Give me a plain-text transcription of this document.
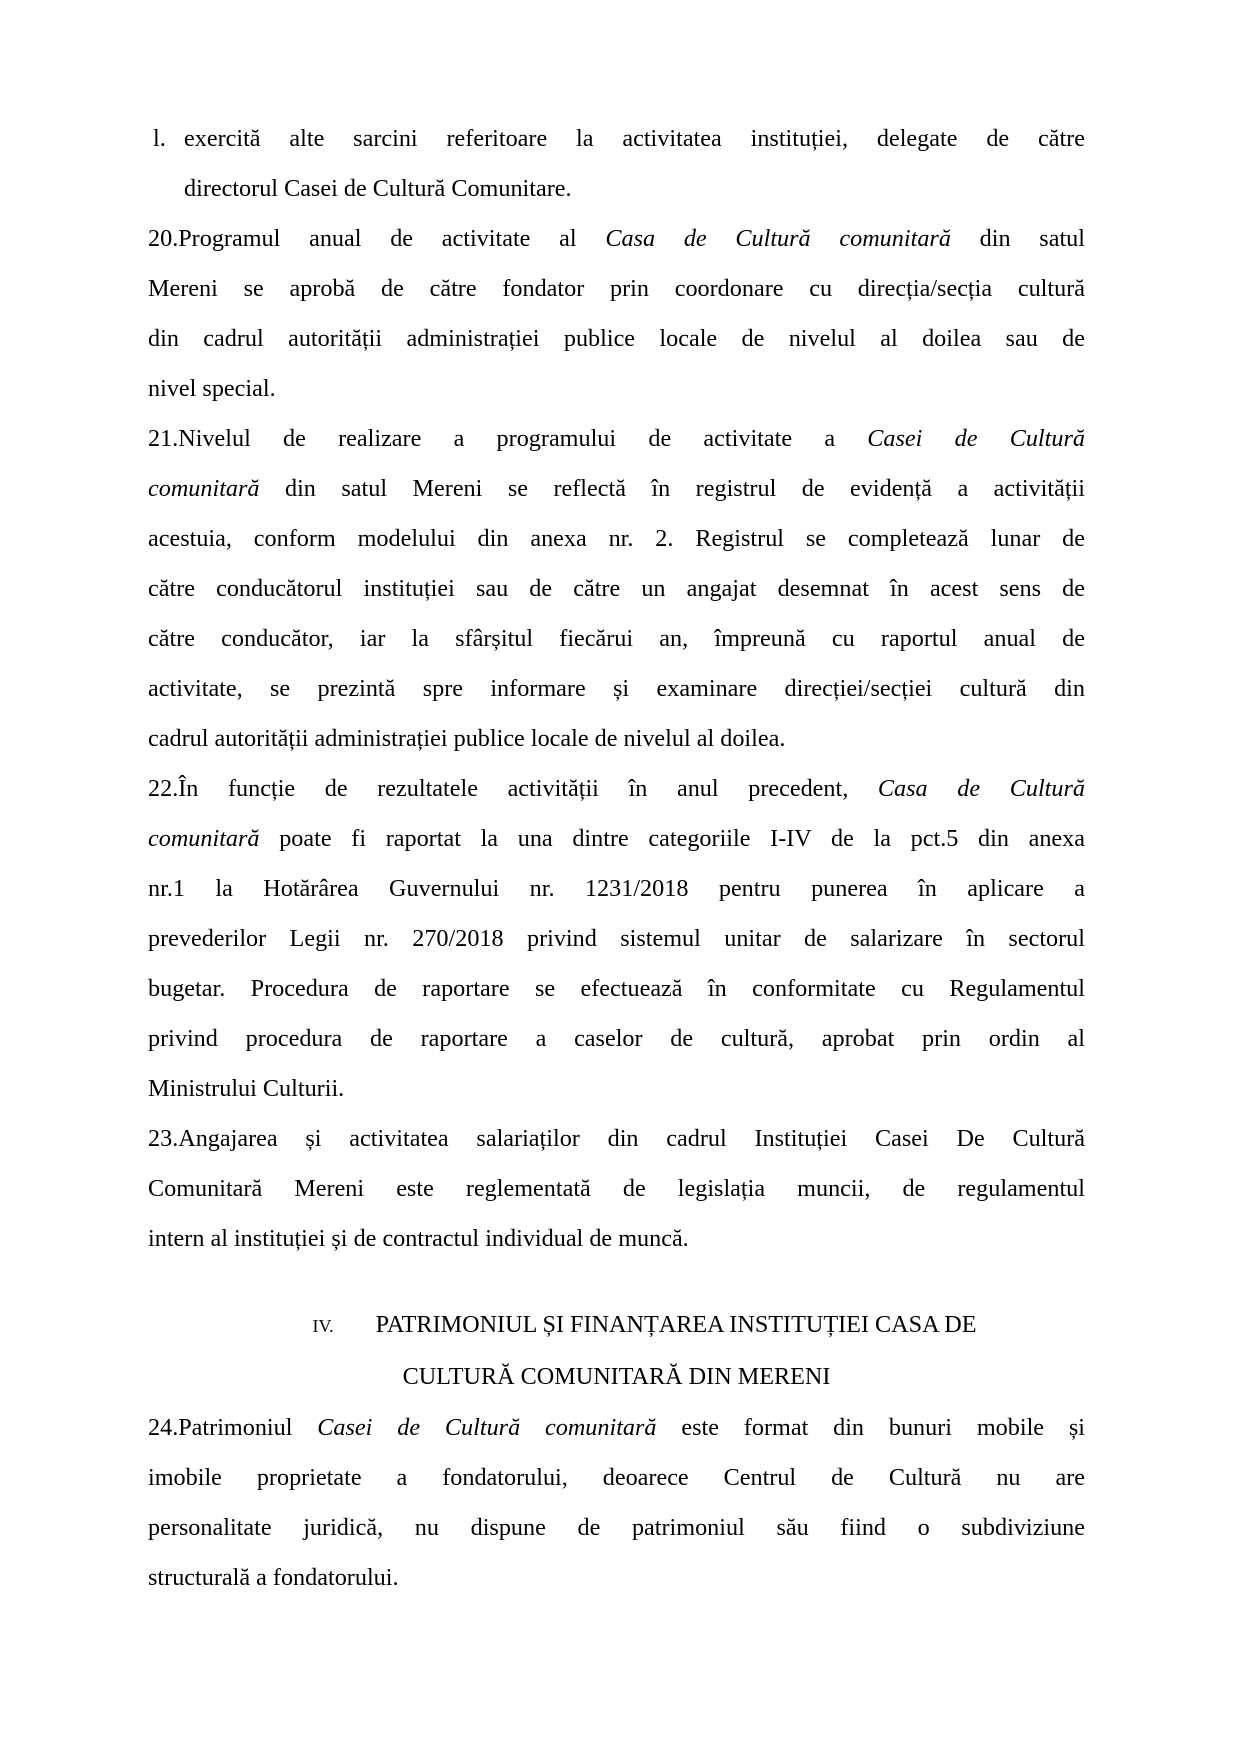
l. exercită alte sarcini referitoare la activitatea instituției, delegate de către
directorul Casei de Cultură Comunitare.
20.Programul anual de activitate al Casa de Cultură comunitară din satul
Mereni se aprobă de către fondator prin coordonare cu direcția/secția cultură
din cadrul autorității administrației publice locale de nivelul al doilea sau de
nivel special.
21.Nivelul de realizare a programului de activitate a Casei de Cultură
comunitară din satul Mereni se reflectă în registrul de evidență a activității
acestuia, conform modelului din anexa nr. 2. Registrul se completează lunar de
către conducătorul instituției sau de către un angajat desemnat în acest sens de
către conducător, iar la sfârșitul fiecărui an, împreună cu raportul anual de
activitate, se prezintă spre informare și examinare direcției/secției cultură din
cadrul autorității administrației publice locale de nivelul al doilea.
22.În funcție de rezultatele activității în anul precedent, Casa de Cultură
comunitară poate fi raportat la una dintre categoriile I-IV de la pct.5 din anexa
nr.1 la Hotărârea Guvernului nr. 1231/2018 pentru punerea în aplicare a
prevederilor Legii nr. 270/2018 privind sistemul unitar de salarizare în sectorul
bugetar. Procedura de raportare se efectuează în conformitate cu Regulamentul
privind procedura de raportare a caselor de cultură, aprobat prin ordin al
Ministrului Culturii.
23.Angajarea și activitatea salariaților din cadrul Instituției Casei De Cultură
Comunitară Mereni este reglementată de legislația muncii, de regulamentul
intern al instituției și de contractul individual de muncă.
IV. PATRIMONIUL ȘI FINANȚAREA INSTITUȚIEI CASA DE
CULTURĂ COMUNITARĂ DIN MERENI
24.Patrimoniul Casei de Cultură comunitară este format din bunuri mobile și
imobile proprietate a fondatorului, deoarece Centrul de Cultură nu are
personalitate juridică, nu dispune de patrimoniul său fiind o subdiviziune
structurală a fondatorului.
